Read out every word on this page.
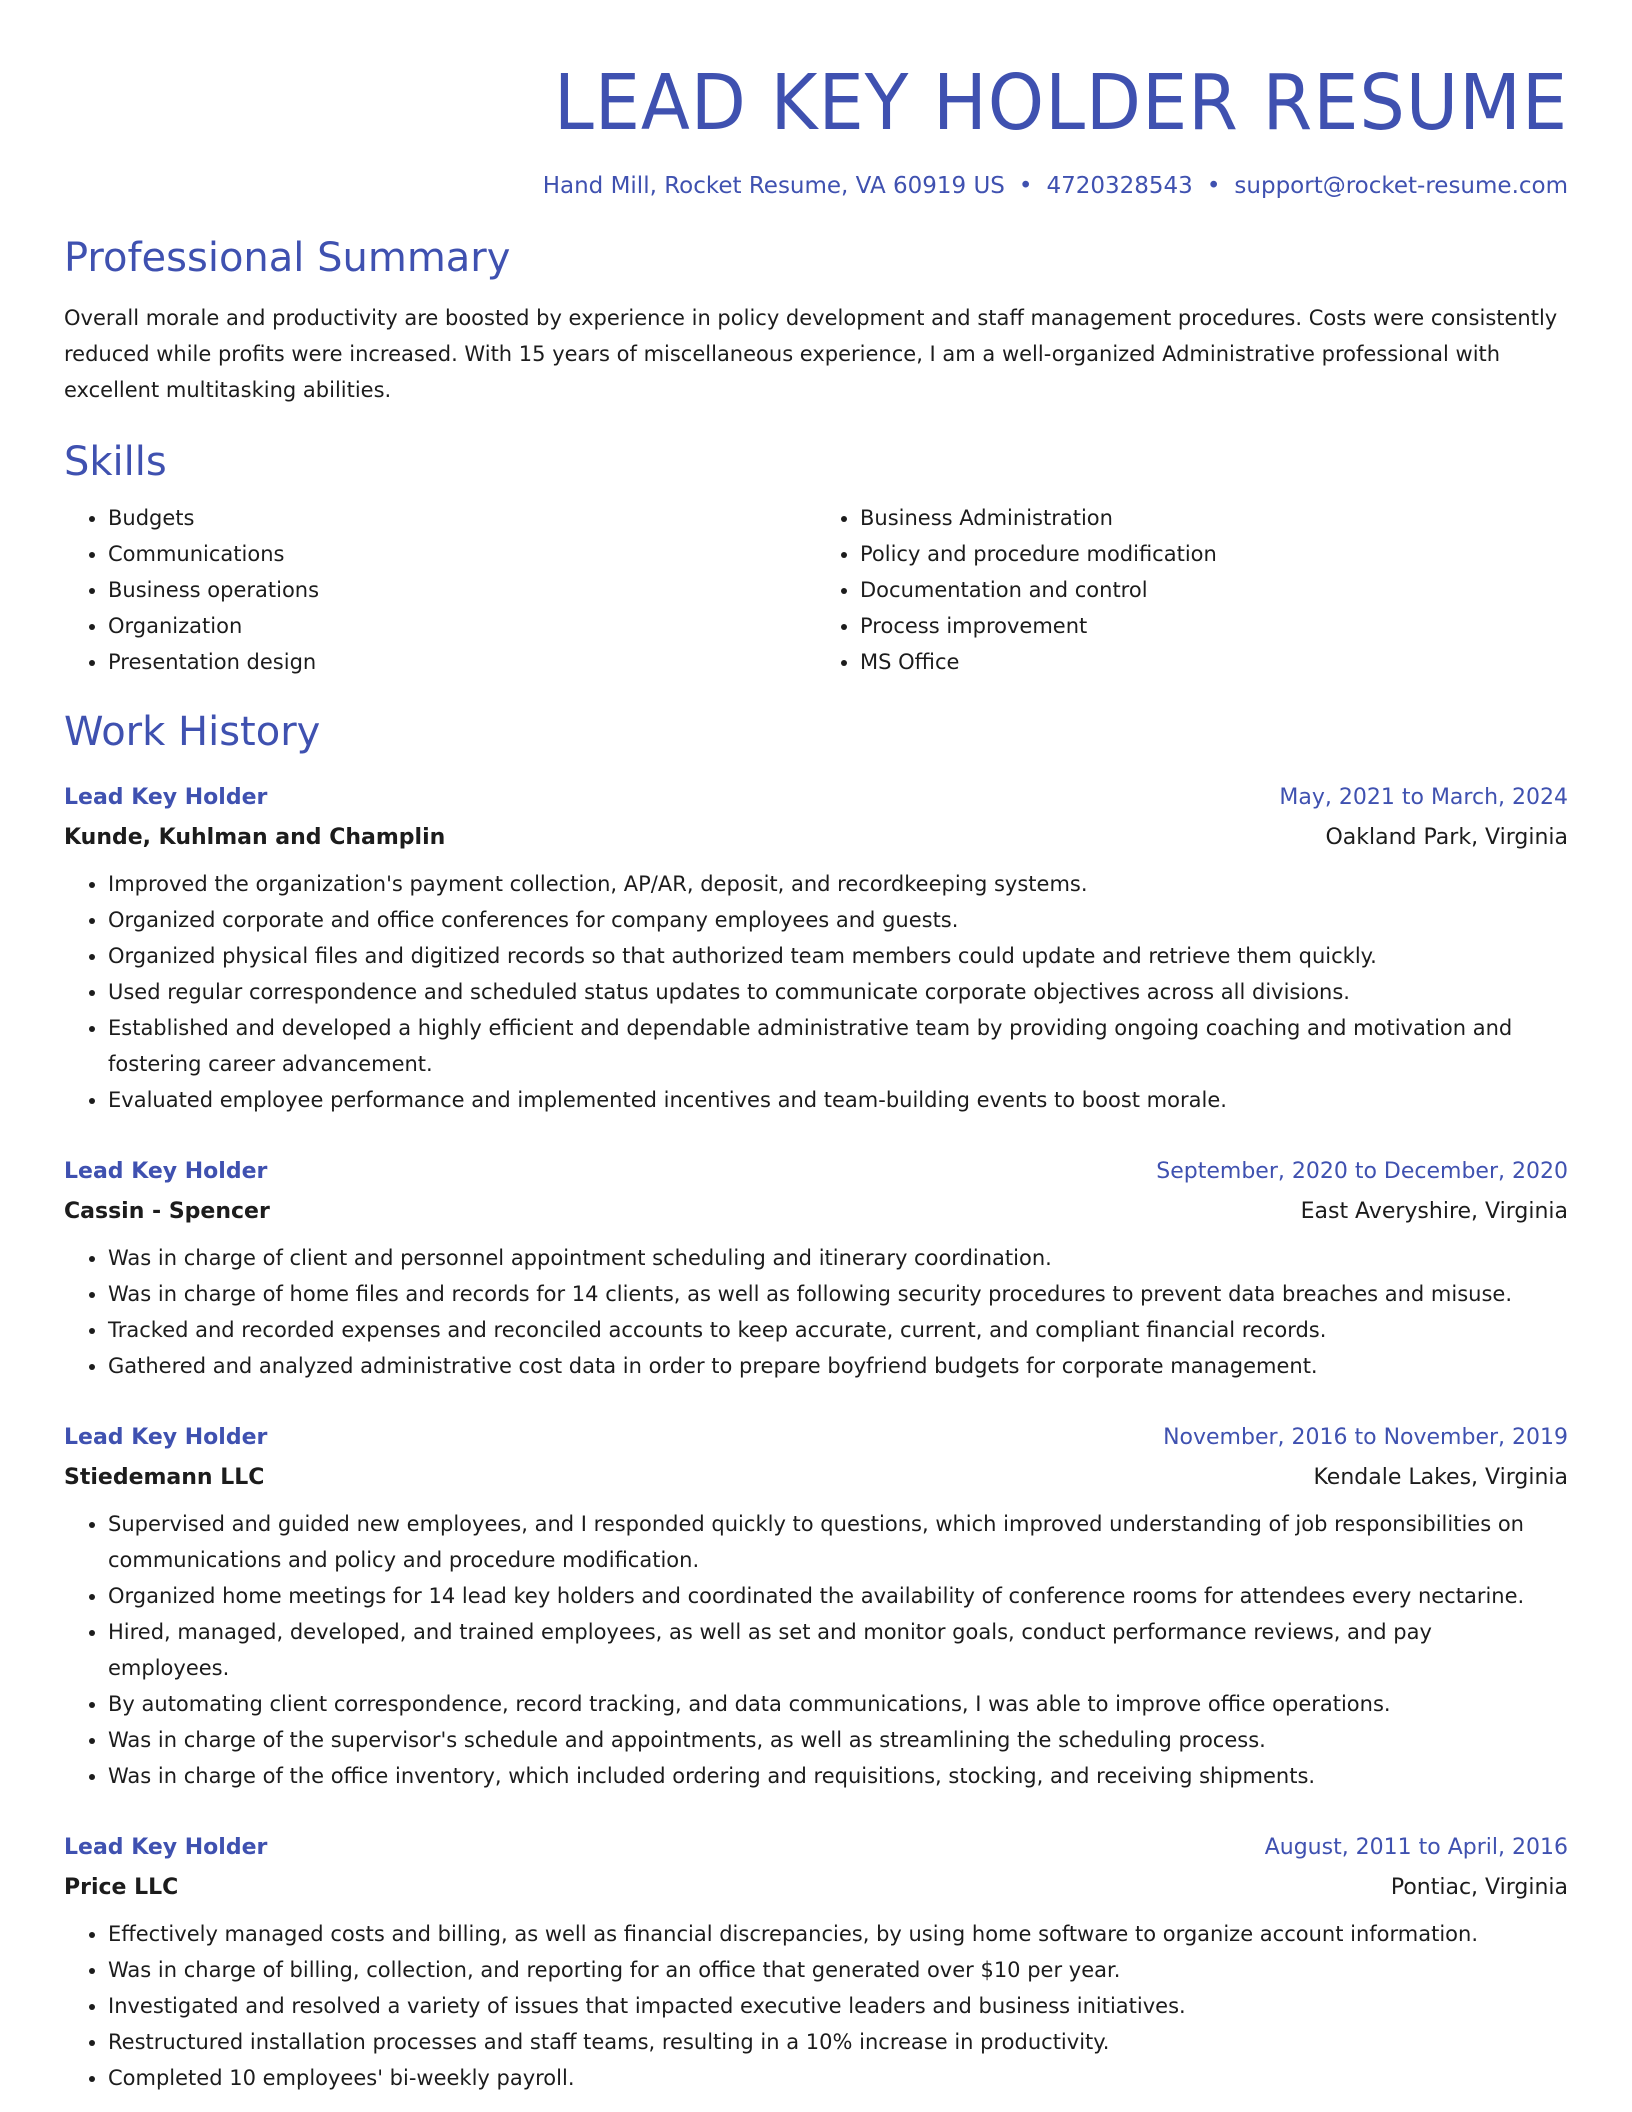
LEAD KEY HOLDER RESUME
Hand Mill, Rocket Resume, VA 60919 US • 4720328543 • support@rocket-resume.com
Professional Summary

Overall morale and productivity are boosted by experience in policy development and staff management procedures. Costs were consistently reduced while profits were increased. With 15 years of miscellaneous experience, I am a well-organized Administrative professional with excellent multitasking abilities.

Skills
• Budgets
• Communications
• Business operations
• Organization
• Presentation design
• Business Administration
• Policy and procedure modification
• Documentation and control
• Process improvement
• MS Office
Work History
Lead Key Holder	May, 2021 to March, 2024
Kunde, Kuhlman and Champlin	Oakland Park, Virginia
• Improved the organization's payment collection, AP/AR, deposit, and recordkeeping systems.
• Organized corporate and office conferences for company employees and guests.
• Organized physical files and digitized records so that authorized team members could update and retrieve them quickly.
• Used regular correspondence and scheduled status updates to communicate corporate objectives across all divisions.
• Established and developed a highly efficient and dependable administrative team by providing ongoing coaching and motivation and fostering career advancement.
• Evaluated employee performance and implemented incentives and team-building events to boost morale.
Lead Key Holder	September, 2020 to December, 2020
Cassin - Spencer	East Averyshire, Virginia
• Was in charge of client and personnel appointment scheduling and itinerary coordination.
• Was in charge of home files and records for 14 clients, as well as following security procedures to prevent data breaches and misuse.
• Tracked and recorded expenses and reconciled accounts to keep accurate, current, and compliant financial records.
• Gathered and analyzed administrative cost data in order to prepare boyfriend budgets for corporate management.
Lead Key Holder	November, 2016 to November, 2019
Stiedemann LLC	Kendale Lakes, Virginia
• Supervised and guided new employees, and I responded quickly to questions, which improved understanding of job responsibilities on communications and policy and procedure modification.
• Organized home meetings for 14 lead key holders and coordinated the availability of conference rooms for attendees every nectarine.
• Hired, managed, developed, and trained employees, as well as set and monitor goals, conduct performance reviews, and pay employees.
• By automating client correspondence, record tracking, and data communications, I was able to improve office operations.
• Was in charge of the supervisor's schedule and appointments, as well as streamlining the scheduling process.
• Was in charge of the office inventory, which included ordering and requisitions, stocking, and receiving shipments.
Lead Key Holder	August, 2011 to April, 2016
Price LLC	Pontiac, Virginia
• Effectively managed costs and billing, as well as financial discrepancies, by using home software to organize account information.
• Was in charge of billing, collection, and reporting for an office that generated over $10 per year.
• Investigated and resolved a variety of issues that impacted executive leaders and business initiatives.
• Restructured installation processes and staff teams, resulting in a 10% increase in productivity.
• Completed 10 employees' bi-weekly payroll.
